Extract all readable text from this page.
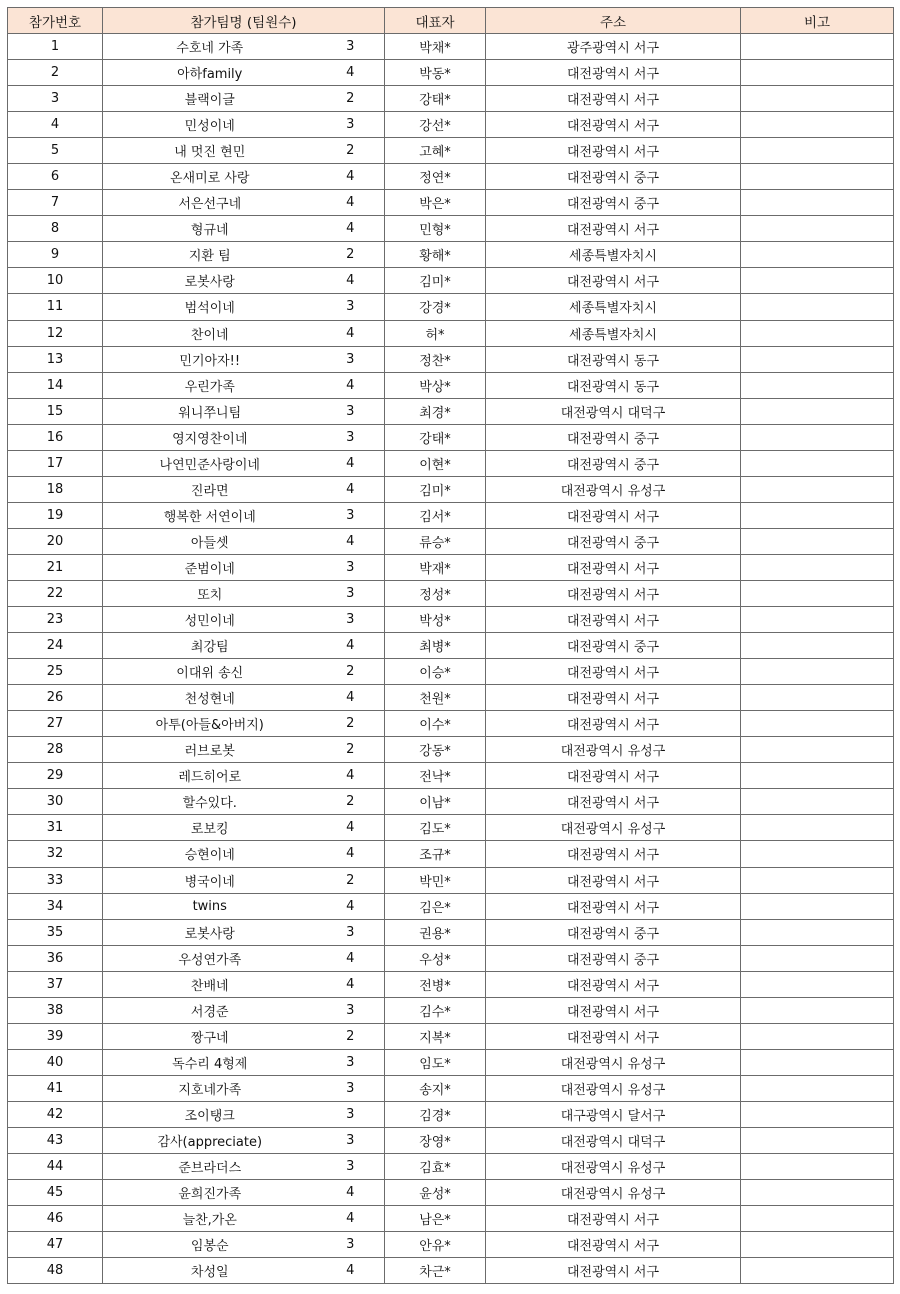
참가번호	참가팀명 (팀원수)		대표자	주소	비고
1	수호네 가족	3	박채*	광주광역시 서구	
2	아하family	4	박동*	대전광역시 서구	
3	블랙이글	2	강태*	대전광역시 서구	
4	민성이네	3	강선*	대전광역시 서구	
5	내 멋진 현민	2	고혜*	대전광역시 서구	
6	온새미로 사랑	4	정연*	대전광역시 중구	
7	서은선구네	4	박은*	대전광역시 중구	
8	형규네	4	민형*	대전광역시 서구	
9	지환 팀	2	황해*	세종특별자치시	
10	로봇사랑	4	김미*	대전광역시 서구	
11	범석이네	3	강경*	세종특별자치시	
12	찬이네	4	허*	세종특별자치시	
13	민기아자!!	3	정찬*	대전광역시 동구	
14	우린가족	4	박상*	대전광역시 동구	
15	워니쭈니팀	3	최경*	대전광역시 대덕구	
16	영지영찬이네	3	강태*	대전광역시 중구	
17	나연민준사랑이네	4	이현*	대전광역시 중구	
18	진라면	4	김미*	대전광역시 유성구	
19	행복한 서연이네	3	김서*	대전광역시 서구	
20	아들셋	4	류승*	대전광역시 중구	
21	준범이네	3	박재*	대전광역시 서구	
22	또치	3	정성*	대전광역시 서구	
23	성민이네	3	박성*	대전광역시 서구	
24	최강팀	4	최병*	대전광역시 중구	
25	이대위 송신	2	이승*	대전광역시 서구	
26	천성현네	4	천원*	대전광역시 서구	
27	아투(아들&아버지)	2	이수*	대전광역시 서구	
28	러브로봇	2	강동*	대전광역시 유성구	
29	레드히어로	4	전낙*	대전광역시 서구	
30	할수있다.	2	이남*	대전광역시 서구	
31	로보킹	4	김도*	대전광역시 유성구	
32	승현이네	4	조규*	대전광역시 서구	
33	병국이네	2	박민*	대전광역시 서구	
34	twins	4	김은*	대전광역시 서구	
35	로봇사랑	3	권용*	대전광역시 중구	
36	우성연가족	4	우성*	대전광역시 중구	
37	찬배네	4	전병*	대전광역시 서구	
38	서경준	3	김수*	대전광역시 서구	
39	짱구네	2	지복*	대전광역시 서구	
40	독수리 4형제	3	임도*	대전광역시 유성구	
41	지호네가족	3	송지*	대전광역시 유성구	
42	조이탱크	3	김경*	대구광역시 달서구	
43	감사(appreciate)	3	장영*	대전광역시 대덕구	
44	준브라더스	3	김효*	대전광역시 유성구	
45	윤희진가족	4	윤성*	대전광역시 유성구	
46	늘찬,가온	4	남은*	대전광역시 서구	
47	임봉순	3	안유*	대전광역시 서구	
48	차성일	4	차근*	대전광역시 서구	
